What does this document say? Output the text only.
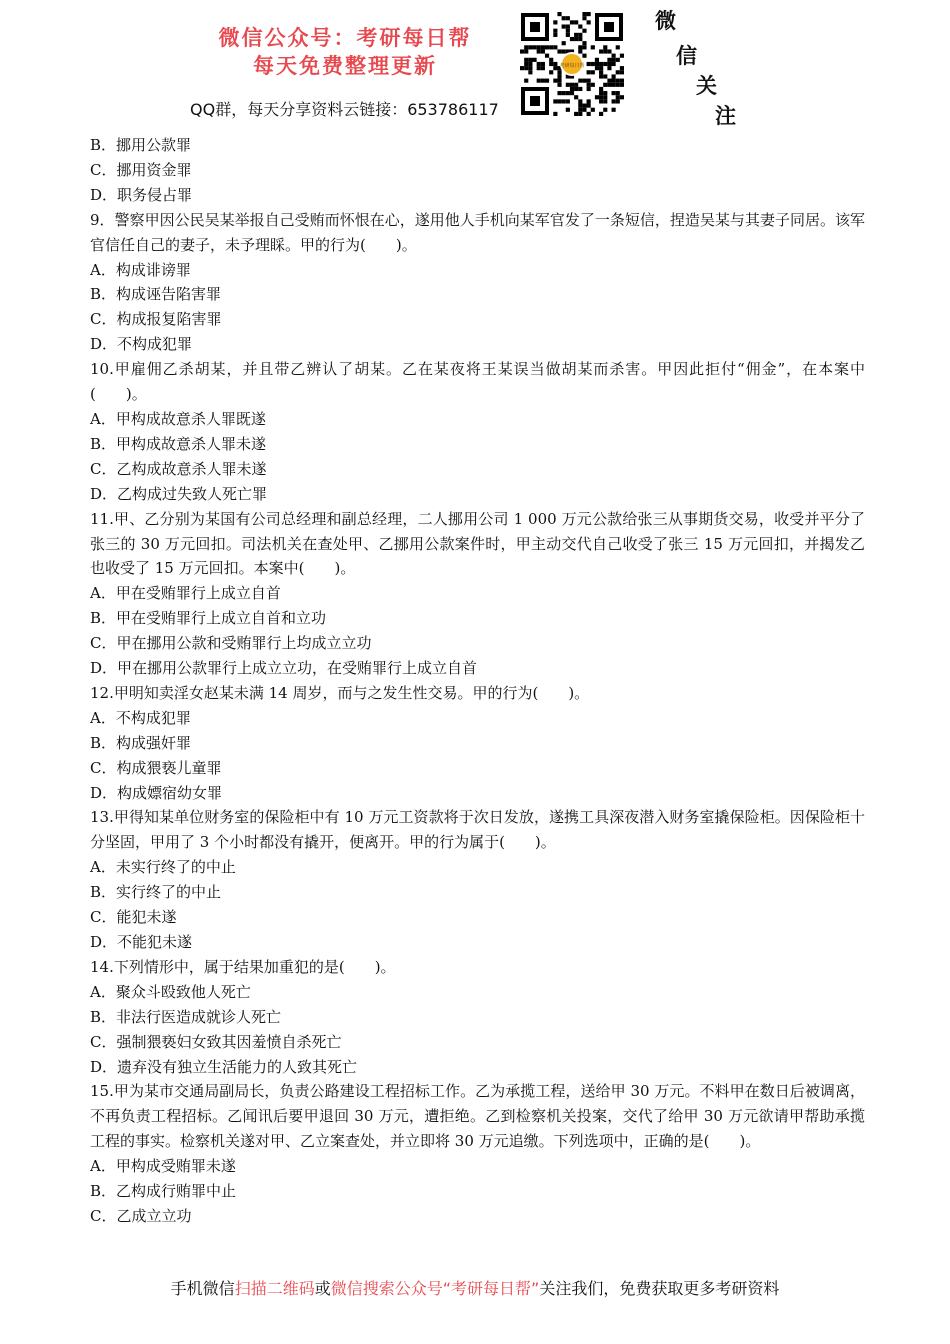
微信公众号：考研每日帮
每天免费整理更新
QQ群，每天分享资料云链接：653786117
考研每日帮
微
信
关
注

B．挪用公款罪

C．挪用资金罪

D．职务侵占罪

9．警察甲因公民吴某举报自己受贿而怀恨在心，遂用他人手机向某军官发了一条短信，捏造吴某与其妻子同居。该军官信任自己的妻子，未予理睬。甲的行为(　　)。

A．构成诽谤罪

B．构成诬告陷害罪

C．构成报复陷害罪

D．不构成犯罪

10.甲雇佣乙杀胡某，并且带乙辨认了胡某。乙在某夜将王某误当做胡某而杀害。甲因此拒付“佣金”，在本案中(　　)。

A．甲构成故意杀人罪既遂

B．甲构成故意杀人罪未遂

C．乙构成故意杀人罪未遂

D．乙构成过失致人死亡罪

11.甲、乙分别为某国有公司总经理和副总经理，二人挪用公司 1 000 万元公款给张三从事期货交易，收受并平分了张三的 30 万元回扣。司法机关在查处甲、乙挪用公款案件时，甲主动交代自己收受了张三 15 万元回扣，并揭发乙也收受了 15 万元回扣。本案中(　　)。

A．甲在受贿罪行上成立自首

B．甲在受贿罪行上成立自首和立功

C．甲在挪用公款和受贿罪行上均成立立功

D．甲在挪用公款罪行上成立立功，在受贿罪行上成立自首

12.甲明知卖淫女赵某未满 14 周岁，而与之发生性交易。甲的行为(　　)。

A．不构成犯罪

B．构成强奸罪

C．构成猥亵儿童罪

D．构成嫖宿幼女罪

13.甲得知某单位财务室的保险柜中有 10 万元工资款将于次日发放，遂携工具深夜潜入财务室撬保险柜。因保险柜十分坚固，甲用了 3 个小时都没有撬开，便离开。甲的行为属于(　　)。

A．未实行终了的中止

B．实行终了的中止

C．能犯未遂

D．不能犯未遂

14.下列情形中，属于结果加重犯的是(　　)。

A．聚众斗殴致他人死亡

B．非法行医造成就诊人死亡

C．强制猥亵妇女致其因羞愤自杀死亡

D．遗弃没有独立生活能力的人致其死亡

15.甲为某市交通局副局长，负责公路建设工程招标工作。乙为承揽工程，送给甲 30 万元。不料甲在数日后被调离，不再负责工程招标。乙闻讯后要甲退回 30 万元，遭拒绝。乙到检察机关投案，交代了给甲 30 万元欲请甲帮助承揽工程的事实。检察机关遂对甲、乙立案查处，并立即将 30 万元追缴。下列选项中，正确的是(　　)。

A．甲构成受贿罪未遂

B．乙构成行贿罪中止

C．乙成立立功

手机微信扫描二维码或微信搜索公众号“考研每日帮”关注我们，免费获取更多考研资料
